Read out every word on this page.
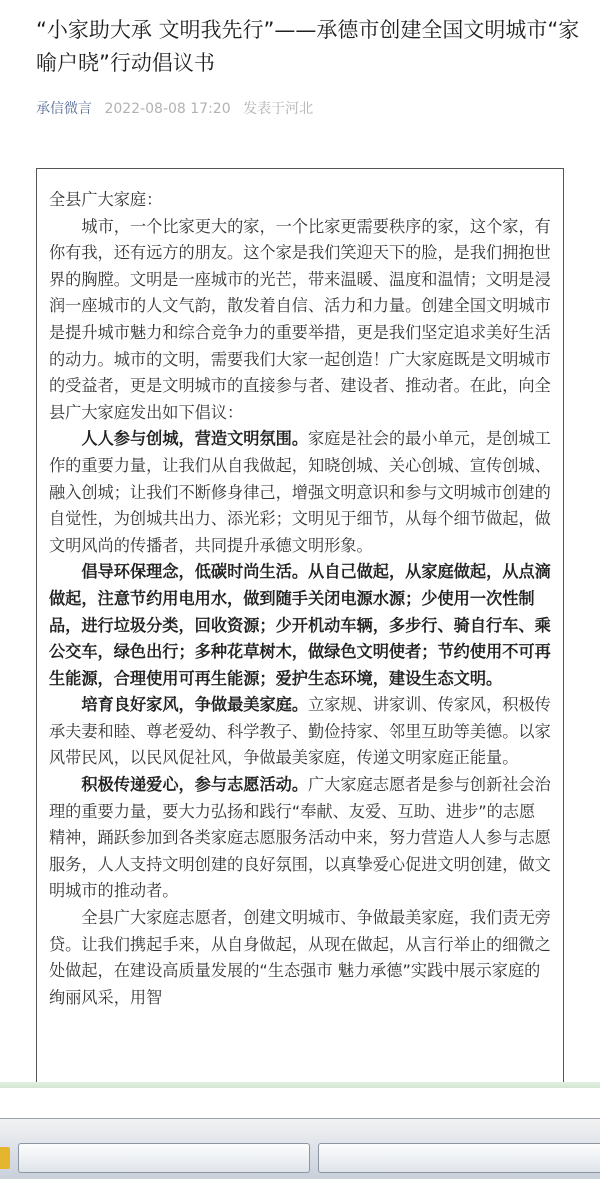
“小家助大承 文明我先行”——承德市创建全国文明城市“家喻户晓”行动倡议书
承信微言 2022-08-08 17:20 发表于河北

全县广大家庭：

城市，一个比家更大的家，一个比家更需要秩序的家，这个家，有你有我，还有远方的朋友。这个家是我们笑迎天下的脸，是我们拥抱世界的胸膛。文明是一座城市的光芒，带来温暖、温度和温情；文明是浸润一座城市的人文气韵，散发着自信、活力和力量。创建全国文明城市是提升城市魅力和综合竞争力的重要举措，更是我们坚定追求美好生活的动力。城市的文明，需要我们大家一起创造！广大家庭既是文明城市的受益者，更是文明城市的直接参与者、建设者、推动者。在此，向全县广大家庭发出如下倡议：

人人参与创城，营造文明氛围。家庭是社会的最小单元，是创城工作的重要力量，让我们从自我做起，知晓创城、关心创城、宣传创城、融入创城；让我们不断修身律己，增强文明意识和参与文明城市创建的自觉性，为创城共出力、添光彩；文明见于细节，从每个细节做起，做文明风尚的传播者，共同提升承德文明形象。

倡导环保理念，低碳时尚生活。从自己做起，从家庭做起，从点滴做起，注意节约用电用水，做到随手关闭电源水源；少使用一次性制品，进行垃圾分类，回收资源；少开机动车辆，多步行、骑自行车、乘公交车，绿色出行；多种花草树木，做绿色文明使者；节约使用不可再生能源，合理使用可再生能源；爱护生态环境，建设生态文明。

培育良好家风，争做最美家庭。立家规、讲家训、传家风，积极传承夫妻和睦、尊老爱幼、科学教子、勤俭持家、邻里互助等美德。以家风带民风，以民风促社风，争做最美家庭，传递文明家庭正能量。

积极传递爱心，参与志愿活动。广大家庭志愿者是参与创新社会治理的重要力量，要大力弘扬和践行“奉献、友爱、互助、进步”的志愿精神，踊跃参加到各类家庭志愿服务活动中来，努力营造人人参与志愿服务，人人支持文明创建的良好氛围，以真挚爱心促进文明创建，做文明城市的推动者。

全县广大家庭志愿者，创建文明城市、争做最美家庭，我们责无旁贷。让我们携起手来，从自身做起，从现在做起，从言行举止的细微之处做起，在建设高质量发展的“生态强市 魅力承德”实践中展示家庭的绚丽风采，用智
